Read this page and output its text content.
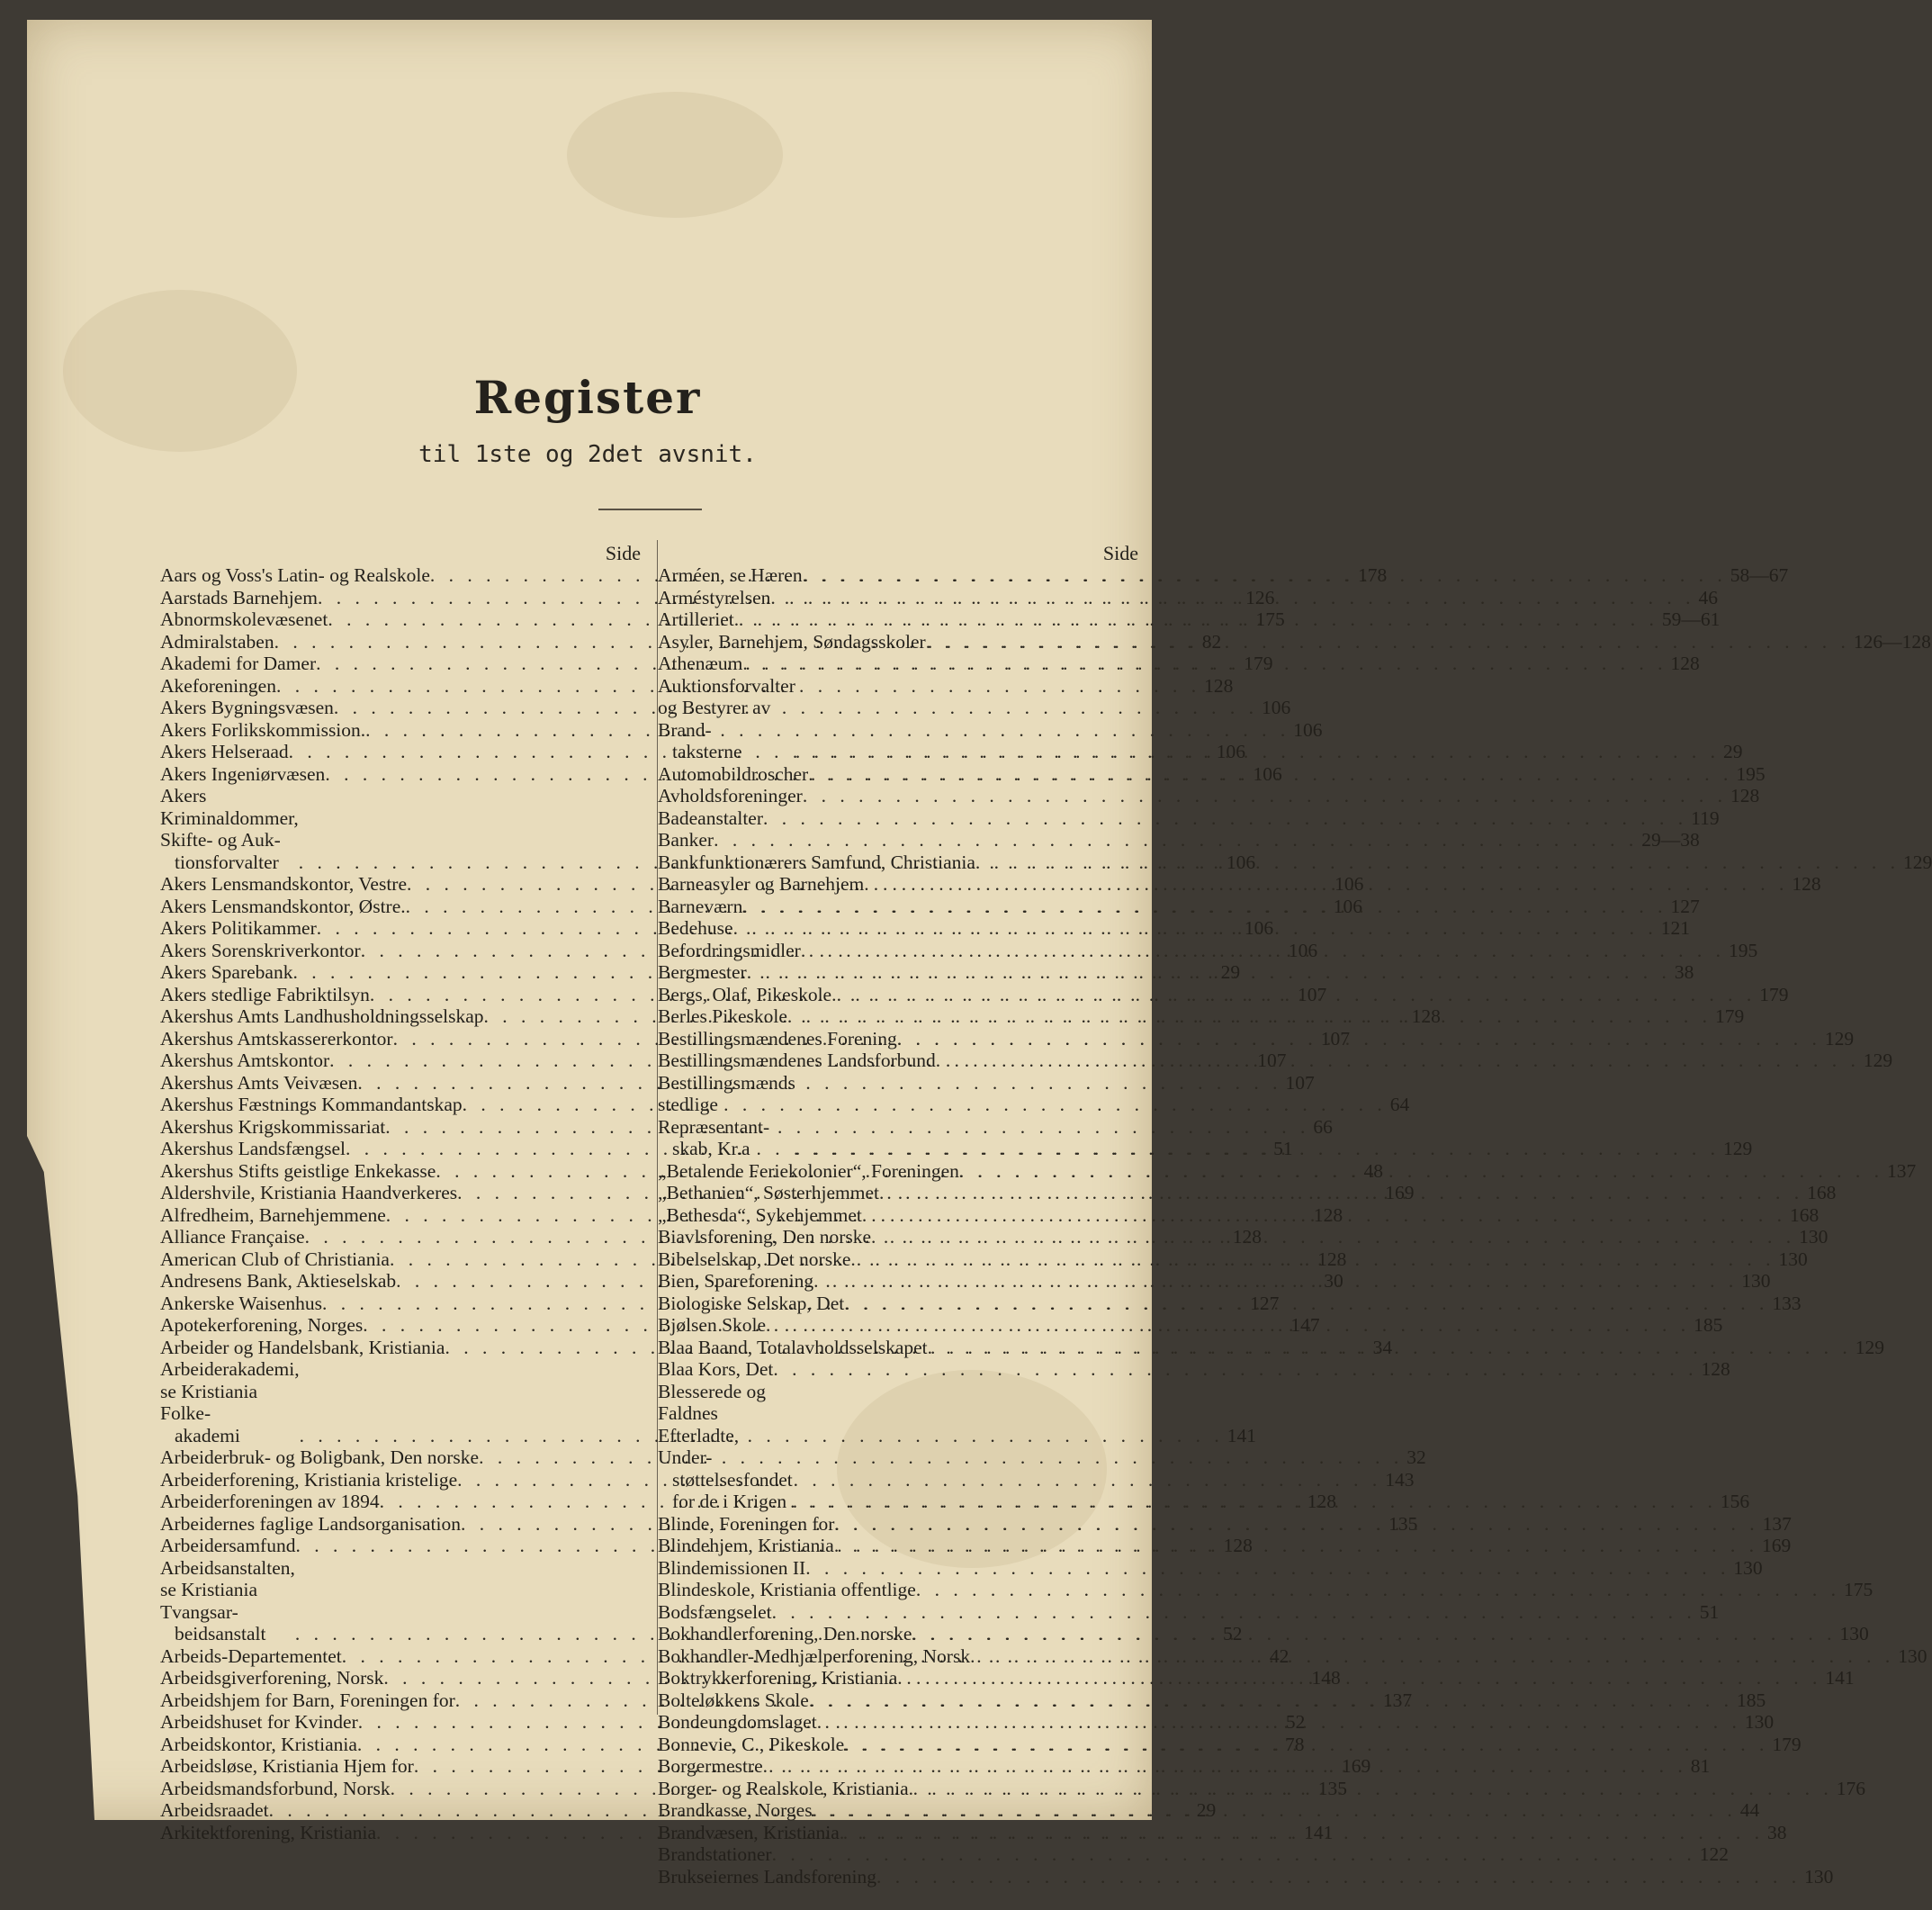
Register
til 1ste og 2det avsnit.
Side
Aars og Voss's Latin- og Realskole . . .	178
Aarstads Barnehjem . . .	126
Abnormskolevæsenet . . .	175
Admiralstaben . . .	82
Akademi for Damer . . .	179
Akeforeningen . . .	128
Akers Bygningsvæsen . . .	106
Akers Forlikskommission. . . .	106
Akers Helseraad . . .	106
Akers Ingeniørvæsen . . .	106
Akers Kriminaldommer, Skifte- og Auk-
tionsforvalter . . .	106
Akers Lensmandskontor, Vestre . . .	106
Akers Lensmandskontor, Østre. . . .	106
Akers Politikammer . . .	106
Akers Sorenskriverkontor . . .	106
Akers Sparebank . . .	29
Akers stedlige Fabriktilsyn . . .	107
Akershus Amts Landhusholdningsselskap . . .	128
Akershus Amtskassererkontor . . .	107
Akershus Amtskontor . . .	107
Akershus Amts Veivæsen . . .	107
Akershus Fæstnings Kommandantskap . . .	64
Akershus Krigskommissariat . . .	66
Akershus Landsfængsel . . .	51
Akershus Stifts geistlige Enkekasse . . .	48
Aldershvile, Kristiania Haandverkeres . . .	169
Alfredheim, Barnehjemmene . . .	128
Alliance Française . . .	128
American Club of Christiania . . .	128
Andresens Bank, Aktieselskab . . .	30
Ankerske Waisenhus . . .	127
Apotekerforening, Norges . . .	147
Arbeider og Handelsbank, Kristiania . . .	34
Arbeiderakademi, se Kristiania Folke-
akademi . . .	141
Arbeiderbruk- og Boligbank, Den norske . . .	32
Arbeiderforening, Kristiania kristelige . . .	143
Arbeiderforeningen av 1894 . . .	128
Arbeidernes faglige Landsorganisation . . .	135
Arbeidersamfund . . .	128
Arbeidsanstalten, se Kristiania Tvangsar-
beidsanstalt . . .	52
Arbeids-Departementet . . .	42
Arbeidsgiverforening, Norsk . . .	148
Arbeidshjem for Barn, Foreningen for . . .	137
Arbeidshuset for Kvinder . . .	52
Arbeidskontor, Kristiania . . .	78
Arbeidsløse, Kristiania Hjem for . . .	169
Arbeidsmandsforbund, Norsk . . .	135
Arbeidsraadet . . .	29
Arkitektforening, Kristiania . . .	141
Side
Arméen, se Hæren . . .	58—67
Arméstyrelsen . . .	46
Artilleriet . . .	59—61
Asyler, Barnehjem, Søndagsskoler . . .	126—128
Athenæum . . .	128
Auktionsforvalter og Bestyrer av Brand-
taksterne . . .	29
Automobildroscher . . .	195
Avholdsforeninger . . .	128
Badeanstalter . . .	119
Banker . . .	29—38
Bankfunktionærers Samfund, Christiania . . .	129
Barneasyler og Barnehjem . . .	128
Barneværn . . .	127
Bedehuse . . .	121
Befordringsmidler . . .	195
Bergmester . . .	38
Bergs, Olaf, Pikeskole . . .	179
Berles Pikeskole . . .	179
Bestillingsmændenes Forening . . .	129
Bestillingsmændenes Landsforbund . . .	129
Bestillingsmænds stedlige Repræsentant-
skab, Kr.a . . .	129
„Betalende Feriekolonier“, Foreningen . . .	137
„Bethanien“, Søsterhjemmet . . .	168
„Bethesda“, Sykehjemmet . . .	168
Biavlsforening, Den norske . . .	130
Bibelselskap, Det norske . . .	130
Bien, Spareforening . . .	130
Biologiske Selskap, Det . . .	133
Bjølsen Skole . . .	185
Blaa Baand, Totalavholdsselskapet . . .	129
Blaa Kors, Det . . .	128
Blesserede og Faldnes Efterladte, Under-
støttelsesfondet for de i Krigen . . .	156
Blinde, Foreningen for . . .	137
Blindehjem, Kristiania . . .	169
Blindemissionen II . . .	130
Blindeskole, Kristiania offentlige . . .	175
Bodsfængselet . . .	51
Bokhandlerforening, Den norske . . .	130
Bokhandler-Medhjælperforening, Norsk . . .	130
Boktrykkerforening, Kristiania . . .	141
Bolteløkkens Skole . . .	185
Bondeungdomslaget . . .	130
Bonnevie, C., Pikeskole . . .	179
Borgermestre . . .	81
Borger- og Realskole, Kristiania . . .	176
Brandkasse, Norges . . .	44
Brandvæsen, Kristiania . . .	38
Brandstationer . . .	122
Brukseiernes Landsforening . . .	130
